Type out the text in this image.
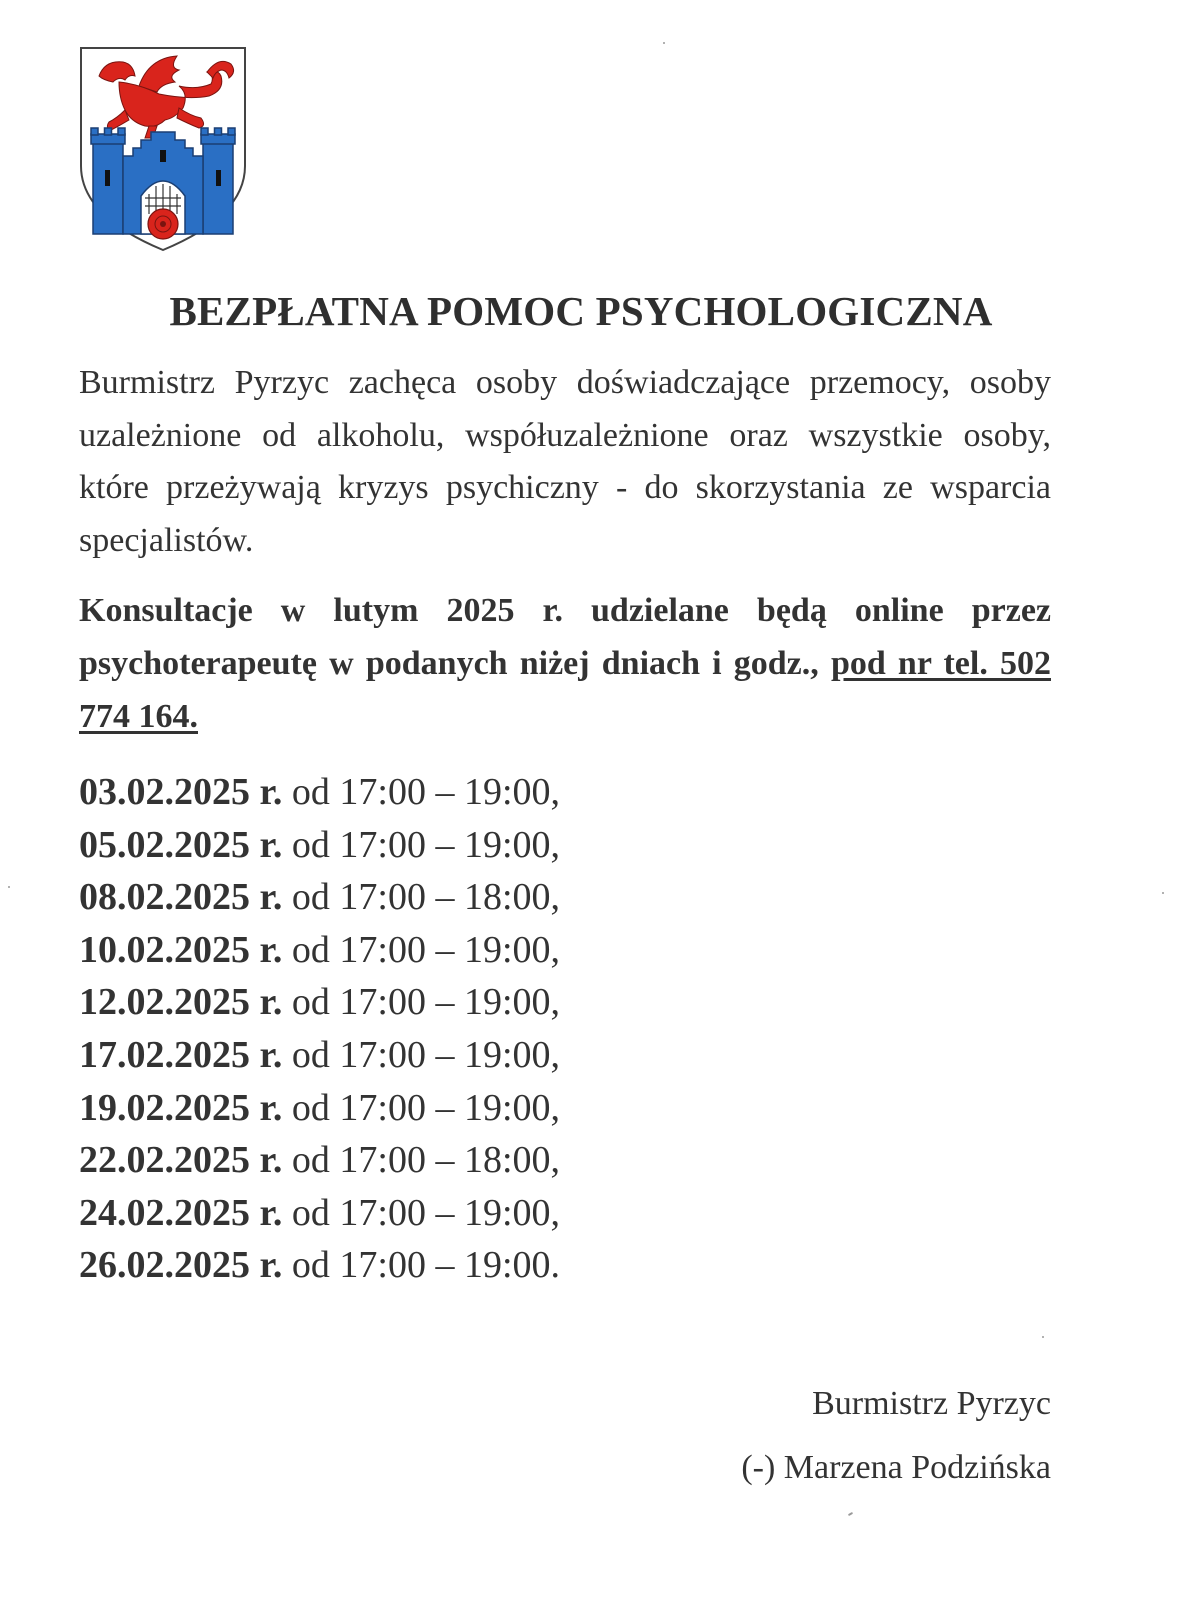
BEZPŁATNA POMOC PSYCHOLOGICZNA

Burmistrz Pyrzyc zachęca osoby doświadczające przemocy, osoby uzależnione od alkoholu, współuzależnione oraz wszystkie osoby, które przeżywają kryzys psychiczny - do skorzystania ze wsparcia specjalistów.

Konsultacje w lutym 2025 r. udzielane będą online przez psychoterapeutę w podanych niżej dniach i godz., pod nr tel. 502 774 164.

03.02.2025 r. od 17:00 – 19:00,
05.02.2025 r. od 17:00 – 19:00,
08.02.2025 r. od 17:00 – 18:00,
10.02.2025 r. od 17:00 – 19:00,
12.02.2025 r. od 17:00 – 19:00,
17.02.2025 r. od 17:00 – 19:00,
19.02.2025 r. od 17:00 – 19:00,
22.02.2025 r. od 17:00 – 18:00,
24.02.2025 r. od 17:00 – 19:00,
26.02.2025 r. od 17:00 – 19:00.
Burmistrz Pyrzyc
(-) Marzena Podzińska
